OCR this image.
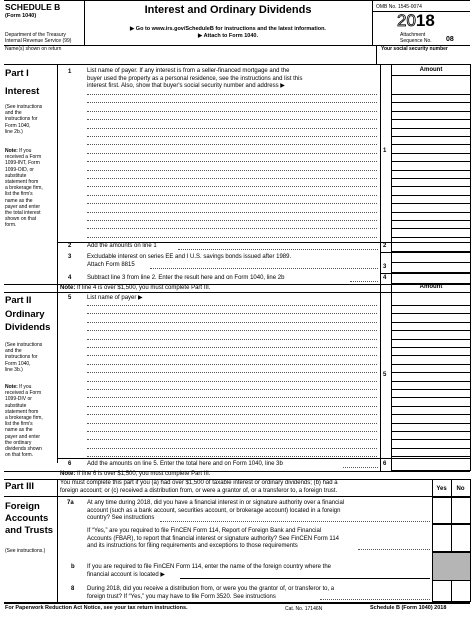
SCHEDULE B
(Form 1040)
Department of the Treasury
Internal Revenue Service (99)
Interest and Ordinary Dividends
▶ Go to www.irs.gov/ScheduleB for instructions and the latest information.
▶ Attach to Form 1040.
OMB No. 1545-0074
2018
Attachment
Sequence No. 08
Name(s) shown on return	Your social security number
Part I
Interest
(See instructions
and the
instructions for
Form 1040,
line 2b.)
Note: If you
received a Form
1099-INT, Form
1099-OID, or
substitute
statement from
a brokerage firm,
list the firm's
name as the
payer and enter
the total interest
shown on that
form.
Amount
1	List name of payer. If any interest is from a seller-financed mortgage and the
buyer used the property as a personal residence, see the instructions and list this
interest first. Also, show that buyer's social security number and address ▶
1
2	Add the amounts on line 1	2
3	Excludable interest on series EE and I U.S. savings bonds issued after 1989.
Attach Form 8815	3
4	Subtract line 3 from line 2. Enter the result here and on Form 1040, line 2b	4
Note: If line 4 is over $1,500, you must complete Part III.
Part II
Ordinary
Dividends
(See instructions
and the
instructions for
Form 1040,
line 3b.)
Note: If you
received a Form
1099-DIV or
substitute
statement from
a brokerage firm,
list the firm's
name as the
payer and enter
the ordinary
dividends shown
on that form.
Amount
5	List name of payer ▶
5
6	Add the amounts on line 5. Enter the total here and on Form 1040, line 3b	6
Note: If line 6 is over $1,500, you must complete Part III.
Part III	You must complete this part if you (a) had over $1,500 of taxable interest or ordinary dividends; (b) had a
foreign account; or (c) received a distribution from, or were a grantor of, or a transferor to, a foreign trust.	Yes	No
Foreign
Accounts
and Trusts
(See instructions.)
7a At any time during 2018, did you have a financial interest in or signature authority over a financial
account (such as a bank account, securities account, or brokerage account) located in a foreign
country? See instructions
If “Yes,” are you required to file FinCEN Form 114, Report of Foreign Bank and Financial
Accounts (FBAR), to report that financial interest or signature authority? See FinCEN Form 114
and its instructions for filing requirements and exceptions to those requirements
b If you are required to file FinCEN Form 114, enter the name of the foreign country where the
financial account is located ▶
8 During 2018, did you receive a distribution from, or were you the grantor of, or transferor to, a
foreign trust? If “Yes,” you may have to file Form 3520. See instructions
For Paperwork Reduction Act Notice, see your tax return instructions.	Cat. No. 17146N	Schedule B (Form 1040) 2018
